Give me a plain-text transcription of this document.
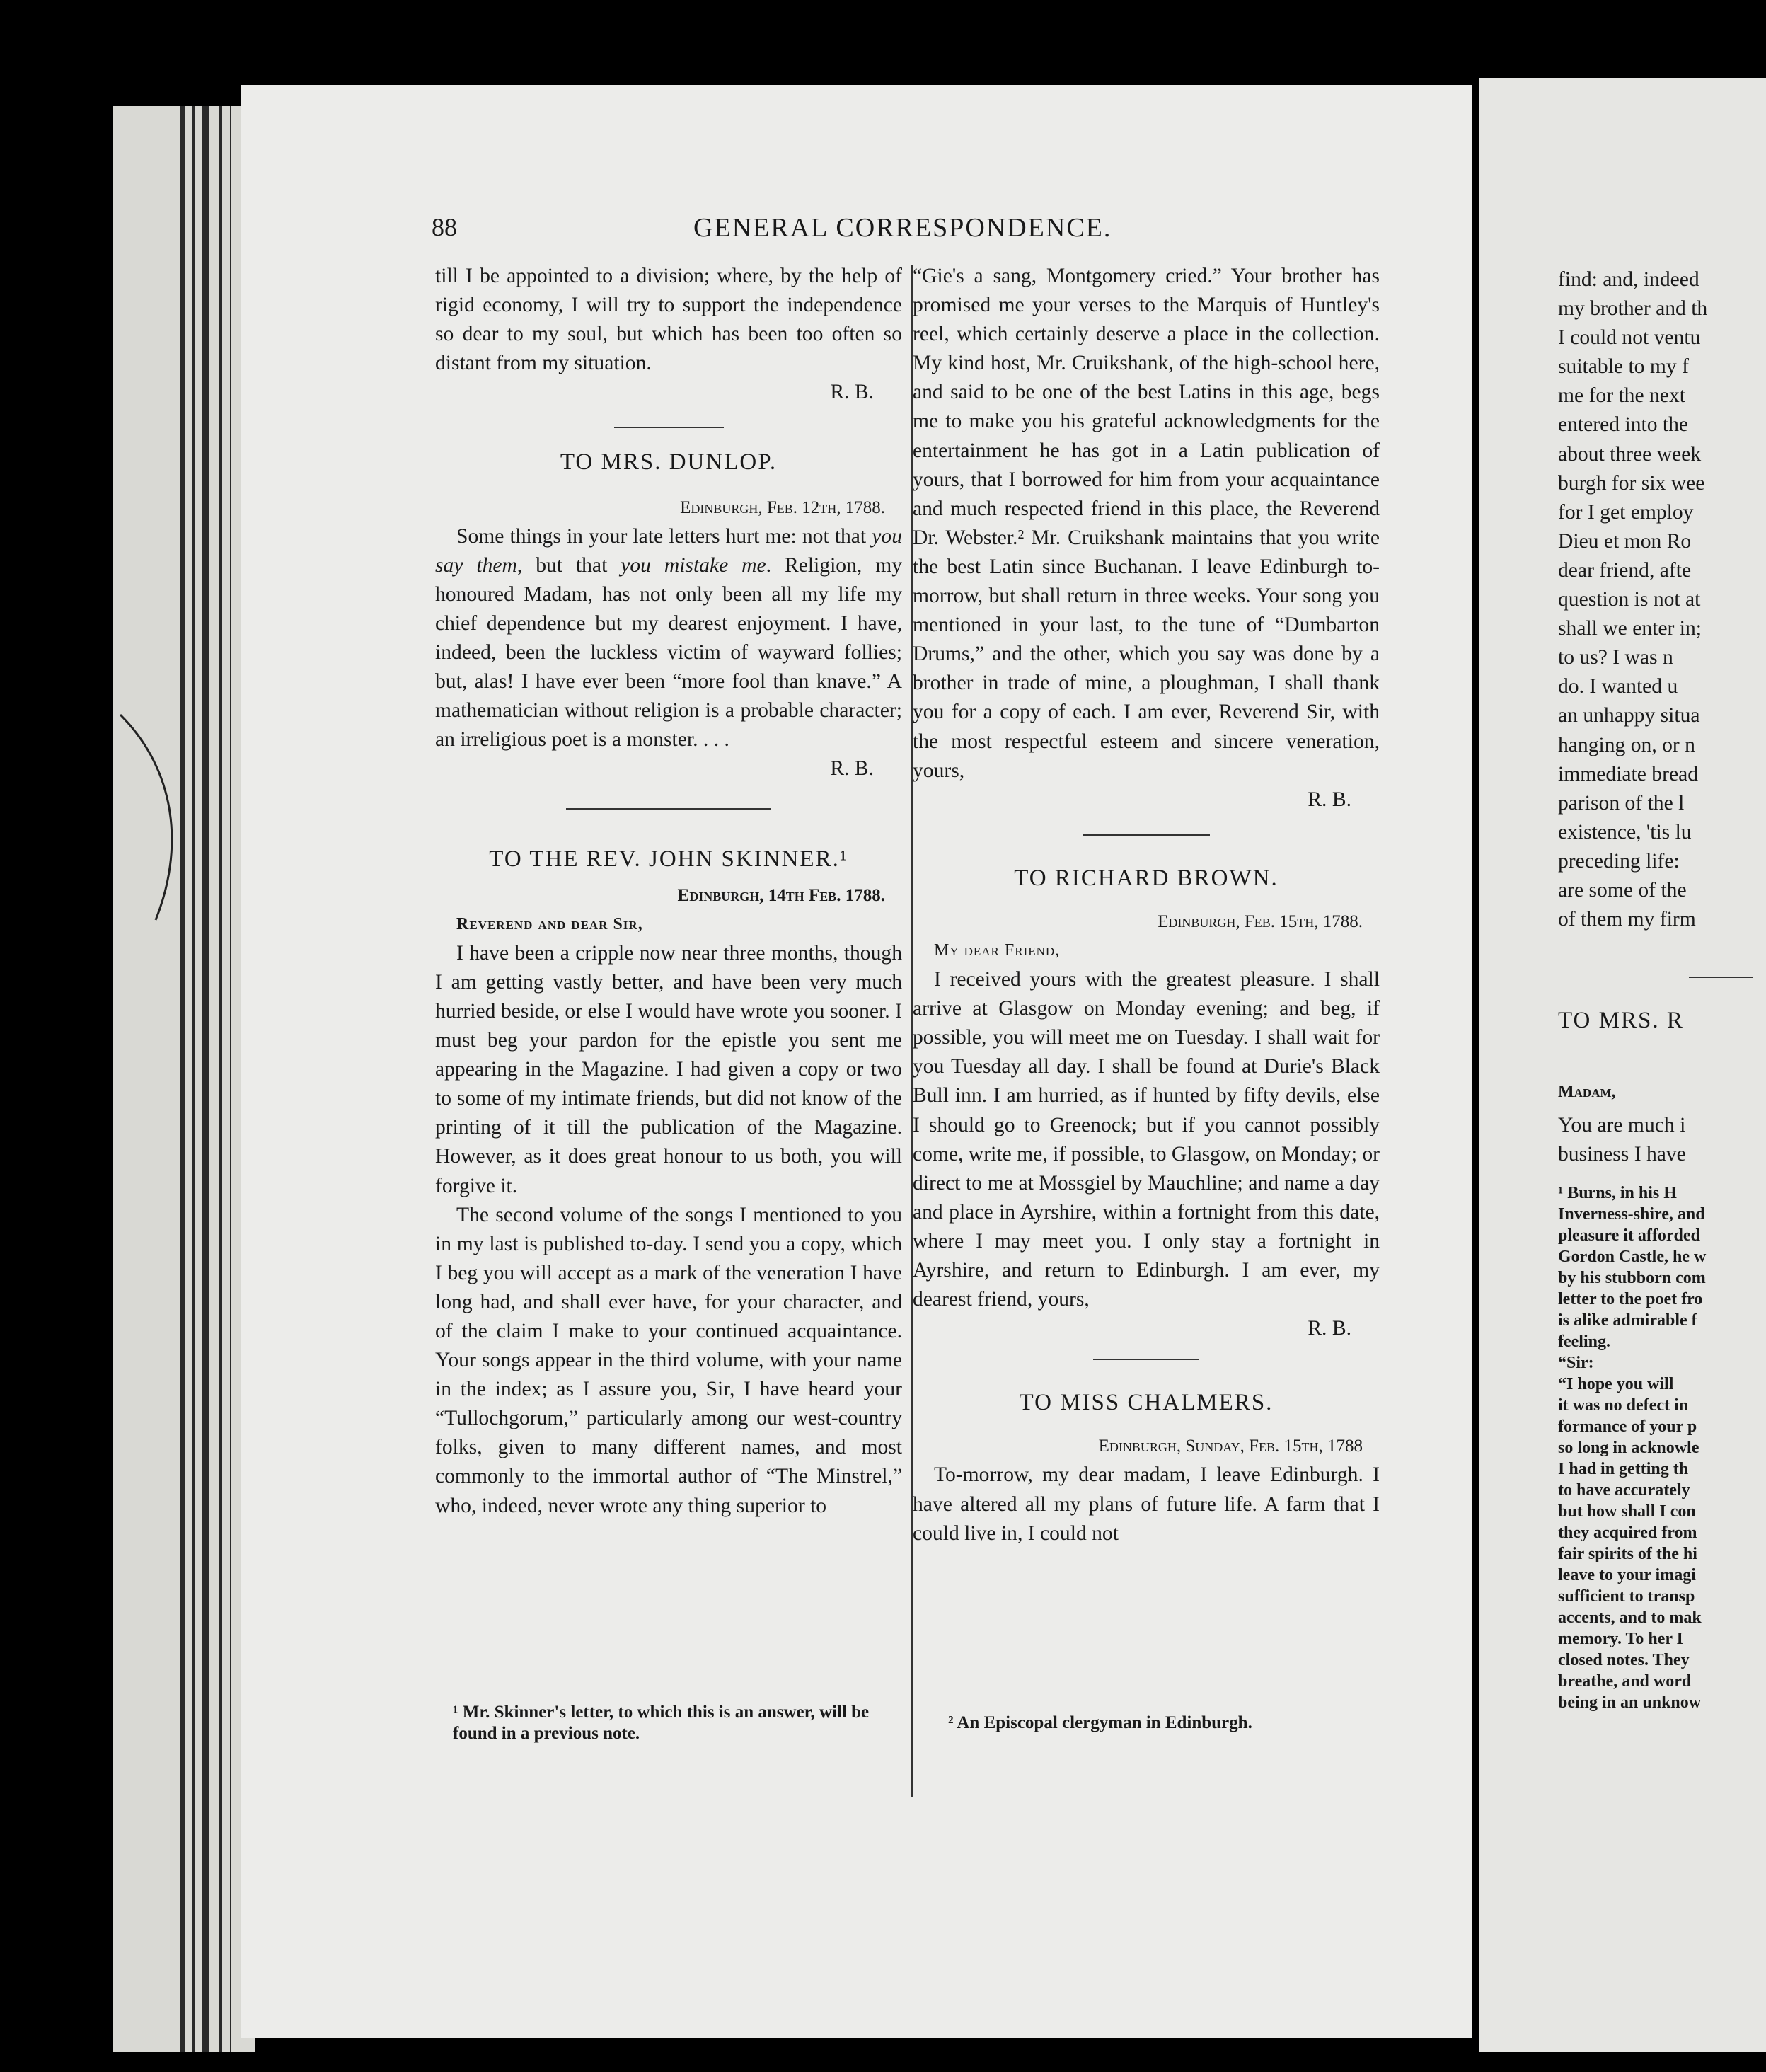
88	GENERAL CORRESPONDENCE.

till I be appointed to a division; where, by the help of rigid economy, I will try to support the independence so dear to my soul, but which has been too often so distant from my situation.

R. B.

TO MRS. DUNLOP.

Edinburgh, Feb. 12th, 1788.

Some things in your late letters hurt me: not that you say them, but that you mistake me. Religion, my honoured Madam, has not only been all my life my chief dependence but my dearest enjoyment. I have, indeed, been the luckless victim of wayward follies; but, alas! I have ever been “more fool than knave.” A mathematician without religion is a probable character; an irreligious poet is a monster. . . .

R. B.

TO THE REV. JOHN SKINNER.¹

Edinburgh, 14th Feb. 1788.

Reverend and dear Sir,

I have been a cripple now near three months, though I am getting vastly better, and have been very much hurried beside, or else I would have wrote you sooner. I must beg your pardon for the epistle you sent me appearing in the Magazine. I had given a copy or two to some of my intimate friends, but did not know of the printing of it till the publication of the Magazine. However, as it does great honour to us both, you will forgive it.

The second volume of the songs I mentioned to you in my last is published to-day. I send you a copy, which I beg you will accept as a mark of the veneration I have long had, and shall ever have, for your character, and of the claim I make to your continued acquaintance. Your songs appear in the third volume, with your name in the index; as I assure you, Sir, I have heard your “Tullochgorum,” particularly among our west-country folks, given to many different names, and most commonly to the immortal author of “The Minstrel,” who, indeed, never wrote any thing superior to

¹ Mr. Skinner's letter, to which this is an answer, will be found in a previous note.

“Gie's a sang, Montgomery cried.” Your brother has promised me your verses to the Marquis of Huntley's reel, which certainly deserve a place in the collection. My kind host, Mr. Cruikshank, of the high-school here, and said to be one of the best Latins in this age, begs me to make you his grateful acknowledgments for the entertainment he has got in a Latin publication of yours, that I borrowed for him from your acquaintance and much respected friend in this place, the Reverend Dr. Webster.² Mr. Cruikshank maintains that you write the best Latin since Buchanan. I leave Edinburgh to-morrow, but shall return in three weeks. Your song you mentioned in your last, to the tune of “Dumbarton Drums,” and the other, which you say was done by a brother in trade of mine, a ploughman, I shall thank you for a copy of each. I am ever, Reverend Sir, with the most respectful esteem and sincere veneration, yours,

R. B.

TO RICHARD BROWN.

Edinburgh, Feb. 15th, 1788.

My dear Friend,

I received yours with the greatest pleasure. I shall arrive at Glasgow on Monday evening; and beg, if possible, you will meet me on Tuesday. I shall wait for you Tuesday all day. I shall be found at Durie's Black Bull inn. I am hurried, as if hunted by fifty devils, else I should go to Greenock; but if you cannot possibly come, write me, if possible, to Glasgow, on Monday; or direct to me at Mossgiel by Mauchline; and name a day and place in Ayrshire, within a fortnight from this date, where I may meet you. I only stay a fortnight in Ayrshire, and return to Edinburgh. I am ever, my dearest friend, yours,

R. B.

TO MISS CHALMERS.

Edinburgh, Sunday, Feb. 15th, 1788

To-morrow, my dear madam, I leave Edinburgh. I have altered all my plans of future life. A farm that I could live in, I could not

² An Episcopal clergyman in Edinburgh.

find: and, indeed

my brother and th

I could not ventu

suitable to my f

me for the next

entered into the

about three week

burgh for six wee

for I get employ

Dieu et mon Ro

dear friend, afte

question is not at

shall we enter in;

to us? I was n

do. I wanted u

an unhappy situa

hanging on, or n

immediate bread

parison of the l

existence, 'tis lu

preceding life:

are some of the

of them my firm

TO MRS. R

Madam,

You are much i

business I have

¹ Burns, in his H

Inverness-shire, and

pleasure it afforded

Gordon Castle, he w

by his stubborn com

letter to the poet fro

is alike admirable f

feeling.

“Sir:

“I hope you will

it was no defect in

formance of your p

so long in acknowle

I had in getting th

to have accurately

but how shall I con

they acquired from

fair spirits of the hi

leave to your imagi

sufficient to transp

accents, and to mak

memory. To her I

closed notes. They

breathe, and word

being in an unknow
